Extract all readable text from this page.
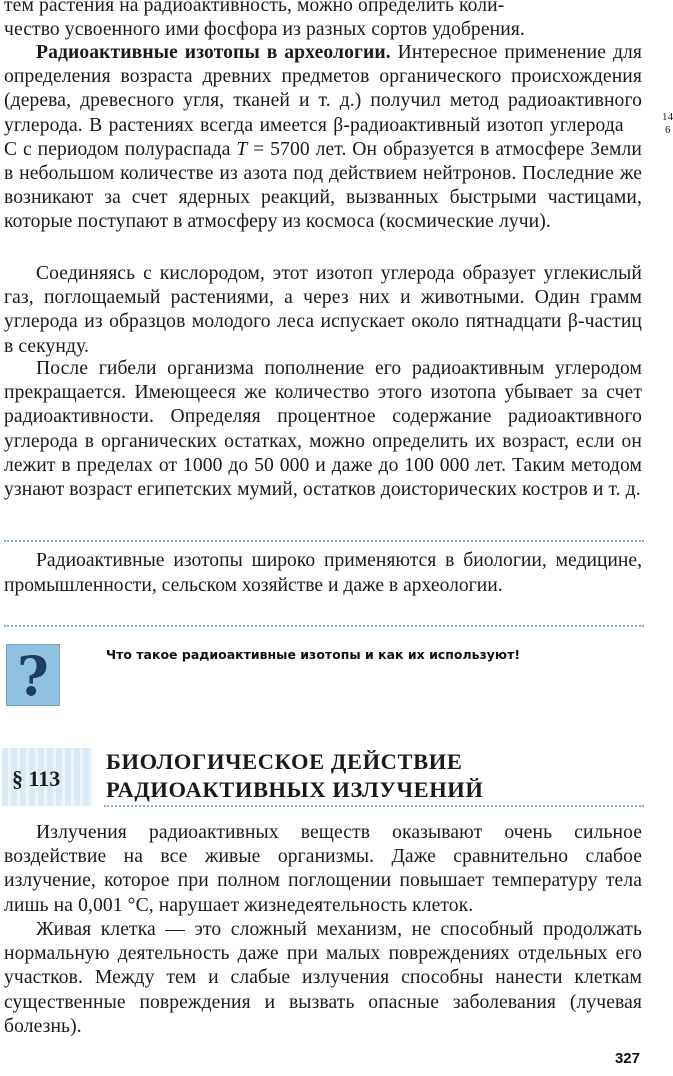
тем растения на радиоактивность, можно определить коли-
чество усвоенного ими фосфора из разных сортов удобрения.

Радиоактивные изотопы в археологии. Интересное применение для определения возраста древних предметов органического происхождения (дерева, древесного угля, тканей и т. д.) получил метод радиоактивного углерода. В растениях всегда имеется β-радиоактивный изотоп углерода	14
6
C с периодом полураспада T = 5700 лет. Он образуется в атмосфере Земли в небольшом количестве из азота под действием нейтронов. Последние же возникают за счет ядерных реакций, вызванных быстрыми частицами, которые поступают в атмосферу из космоса (космические лучи).

Соединяясь с кислородом, этот изотоп углерода образует углекислый газ, поглощаемый растениями, а через них и животными. Один грамм углерода из образцов молодого леса испускает около пятнадцати β-частиц в секунду.

После гибели организма пополнение его радиоактивным углеродом прекращается. Имеющееся же количество этого изотопа убывает за счет радиоактивности. Определяя процентное содержание радиоактивного углерода в органических остатках, можно определить их возраст, если он лежит в пределах от 1000 до 50 000 и даже до 100 000 лет. Таким методом узнают возраст египетских мумий, остатков доисторических костров и т. д.

Радиоактивные изотопы широко применяются в биологии, медицине, промышленности, сельском хозяйстве и даже в археологии.

?	Что такое радиоактивные изотопы и как их используют!
§ 113
БИОЛОГИЧЕСКОЕ ДЕЙСТВИЕ
РАДИОАКТИВНЫХ ИЗЛУЧЕНИЙ

Излучения радиоактивных веществ оказывают очень сильное воздействие на все живые организмы. Даже сравнительно слабое излучение, которое при полном поглощении повышает температуру тела лишь на 0,001 °C, нарушает жизнедеятельность клеток.

Живая клетка — это сложный механизм, не способный продолжать нормальную деятельность даже при малых повреждениях отдельных его участков. Между тем и слабые излучения способны нанести клеткам существенные повреждения и вызвать опасные заболевания (лучевая болезнь).

327
